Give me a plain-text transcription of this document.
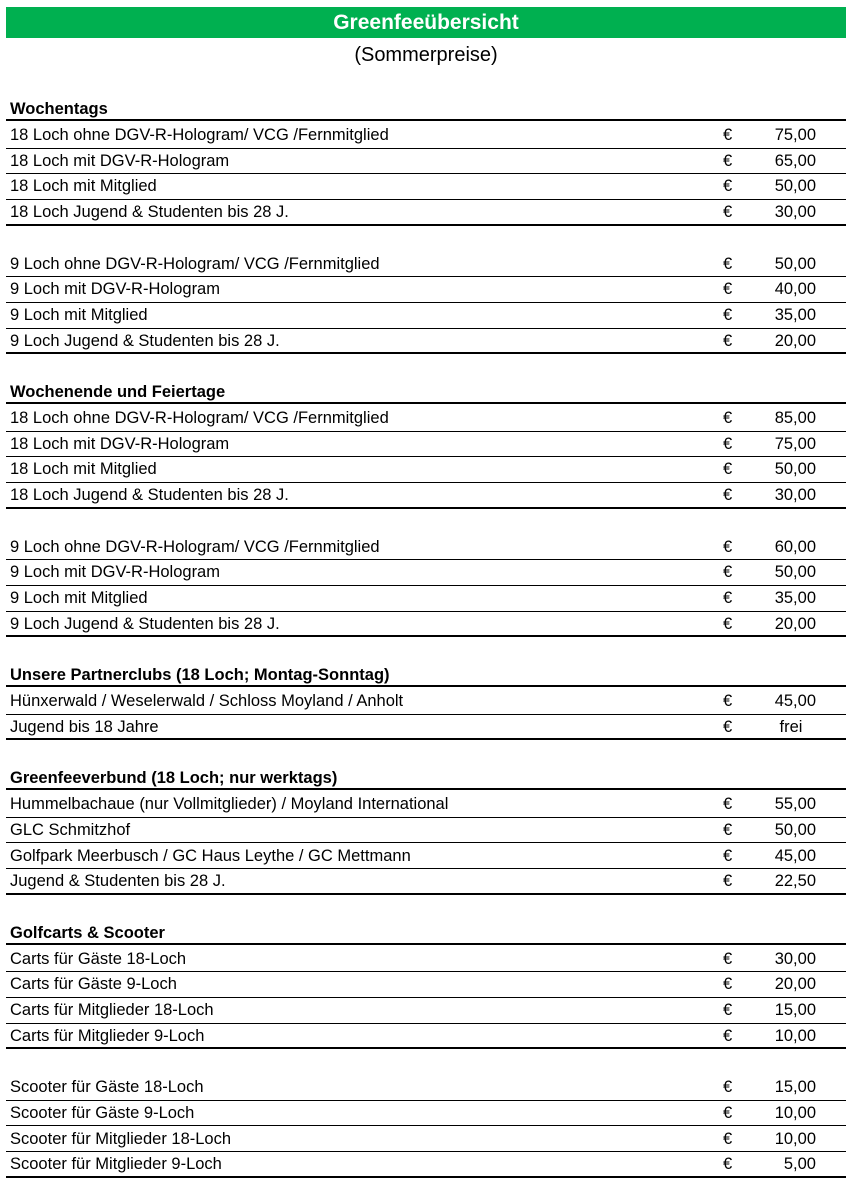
Greenfeeübersicht
(Sommerpreise)
Wochentags
18 Loch ohne DGV-R-Hologram/ VCG /Fernmitglied	€	75,00
18 Loch mit DGV-R-Hologram	€	65,00
18 Loch mit Mitglied	€	50,00
18 Loch Jugend & Studenten bis 28 J.	€	30,00
9 Loch ohne DGV-R-Hologram/ VCG /Fernmitglied	€	50,00
9 Loch mit DGV-R-Hologram	€	40,00
9 Loch mit Mitglied	€	35,00
9 Loch Jugend & Studenten bis 28 J.	€	20,00
Wochenende und Feiertage
18 Loch ohne DGV-R-Hologram/ VCG /Fernmitglied	€	85,00
18 Loch mit DGV-R-Hologram	€	75,00
18 Loch mit Mitglied	€	50,00
18 Loch Jugend & Studenten bis 28 J.	€	30,00
9 Loch ohne DGV-R-Hologram/ VCG /Fernmitglied	€	60,00
9 Loch mit DGV-R-Hologram	€	50,00
9 Loch mit Mitglied	€	35,00
9 Loch Jugend & Studenten bis 28 J.	€	20,00
Unsere Partnerclubs (18 Loch; Montag-Sonntag)
Hünxerwald / Weselerwald / Schloss Moyland / Anholt	€	45,00
Jugend bis 18 Jahre	€	frei
Greenfeeverbund (18 Loch; nur werktags)
Hummelbachaue (nur Vollmitglieder) / Moyland International	€	55,00
GLC Schmitzhof	€	50,00
Golfpark Meerbusch / GC Haus Leythe / GC Mettmann	€	45,00
Jugend & Studenten bis 28 J.	€	22,50
Golfcarts & Scooter
Carts für Gäste 18-Loch	€	30,00
Carts für Gäste 9-Loch	€	20,00
Carts für Mitglieder 18-Loch	€	15,00
Carts für Mitglieder 9-Loch	€	10,00
Scooter für Gäste 18-Loch	€	15,00
Scooter für Gäste 9-Loch	€	10,00
Scooter für Mitglieder 18-Loch	€	10,00
Scooter für Mitglieder 9-Loch	€	5,00
